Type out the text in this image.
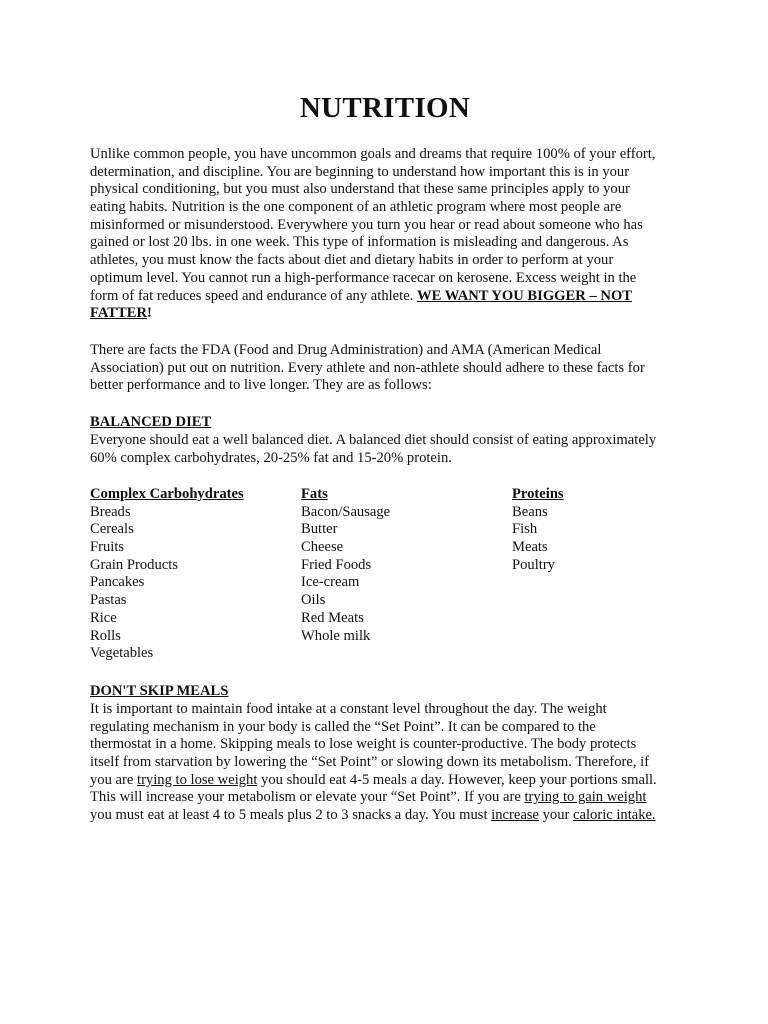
NUTRITION
Unlike common people, you have uncommon goals and dreams that require 100% of your effort,
determination, and discipline. You are beginning to understand how important this is in your
physical conditioning, but you must also understand that these same principles apply to your
eating habits. Nutrition is the one component of an athletic program where most people are
misinformed or misunderstood. Everywhere you turn you hear or read about someone who has
gained or lost 20 lbs. in one week. This type of information is misleading and dangerous. As
athletes, you must know the facts about diet and dietary habits in order to perform at your
optimum level. You cannot run a high-performance racecar on kerosene. Excess weight in the
form of fat reduces speed and endurance of any athlete. WE WANT YOU BIGGER – NOT
FATTER!
There are facts the FDA (Food and Drug Administration) and AMA (American Medical
Association) put out on nutrition. Every athlete and non-athlete should adhere to these facts for
better performance and to live longer. They are as follows:
BALANCED DIET
Everyone should eat a well balanced diet. A balanced diet should consist of eating approximately
60% complex carbohydrates, 20-25% fat and 15-20% protein.
Complex Carbohydrates
Breads
Cereals
Fruits
Grain Products
Pancakes
Pastas
Rice
Rolls
Vegetables
Fats
Bacon/Sausage
Butter
Cheese
Fried Foods
Ice-cream
Oils
Red Meats
Whole milk
Proteins
Beans
Fish
Meats
Poultry
DON'T SKIP MEALS
It is important to maintain food intake at a constant level throughout the day. The weight
regulating mechanism in your body is called the “Set Point”. It can be compared to the
thermostat in a home. Skipping meals to lose weight is counter-productive. The body protects
itself from starvation by lowering the “Set Point” or slowing down its metabolism. Therefore, if
you are trying to lose weight you should eat 4-5 meals a day. However, keep your portions small.
This will increase your metabolism or elevate your “Set Point”. If you are trying to gain weight
you must eat at least 4 to 5 meals plus 2 to 3 snacks a day. You must increase your caloric intake.
